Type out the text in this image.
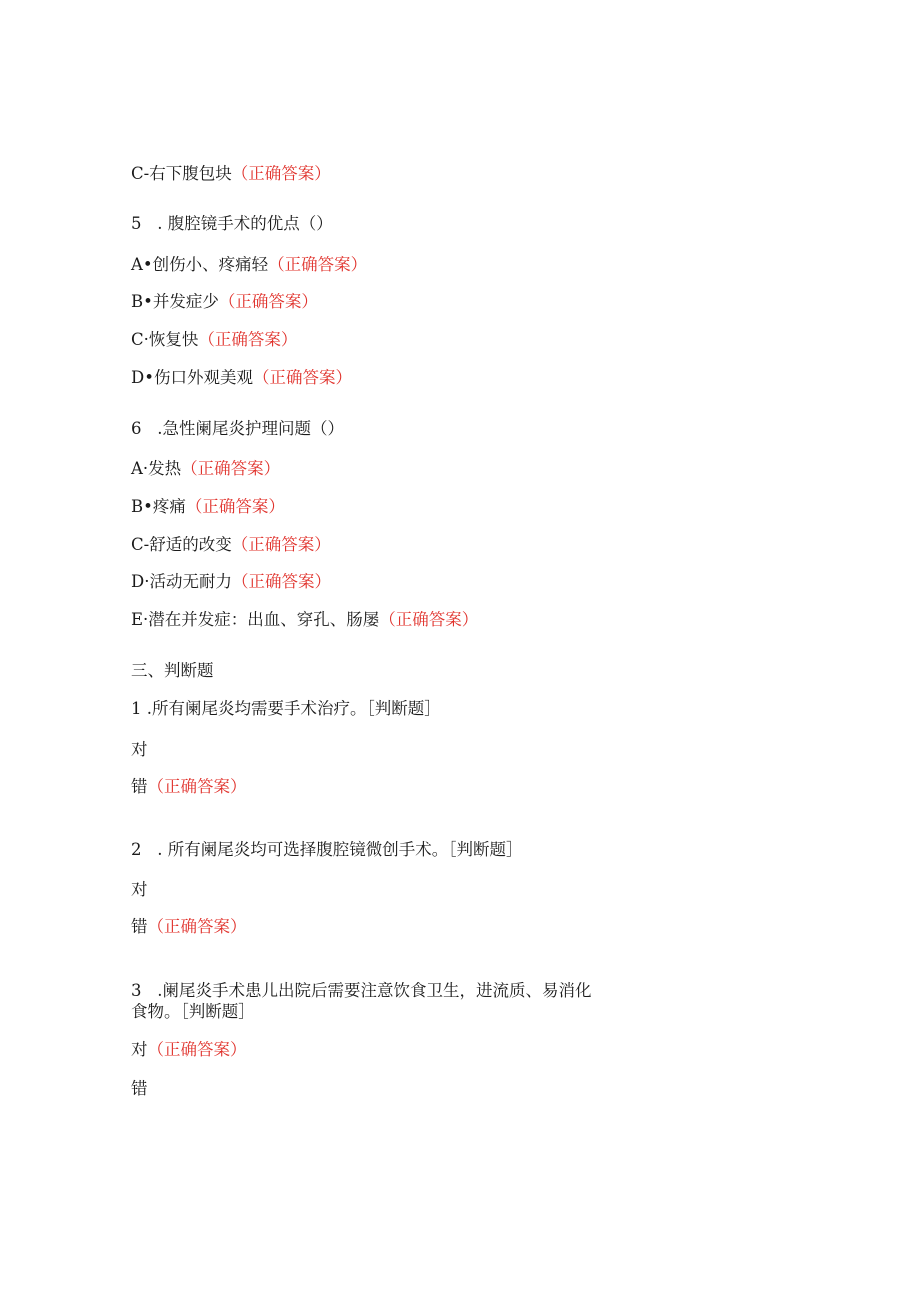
C-右下腹包块（正确答案）
5 . 腹腔镜手术的优点（）
A•创伤小、疼痛轻（正确答案）
B•并发症少（正确答案）
C·恢复快（正确答案）
D•伤口外观美观（正确答案）
6 .急性阑尾炎护理问题（）
A·发热（正确答案）
B•疼痛（正确答案）
C-舒适的改变（正确答案）
D·活动无耐力（正确答案）
E·潜在并发症：出血、穿孔、肠屡（正确答案）
三、判断题
1 .所有阑尾炎均需要手术治疗。［判断题］
对
错（正确答案）
2 . 所有阑尾炎均可选择腹腔镜微创手术。［判断题］
对
错（正确答案）
3 .阑尾炎手术患儿出院后需要注意饮食卫生，进流质、易消化
食物。［判断题］
对（正确答案）
错
